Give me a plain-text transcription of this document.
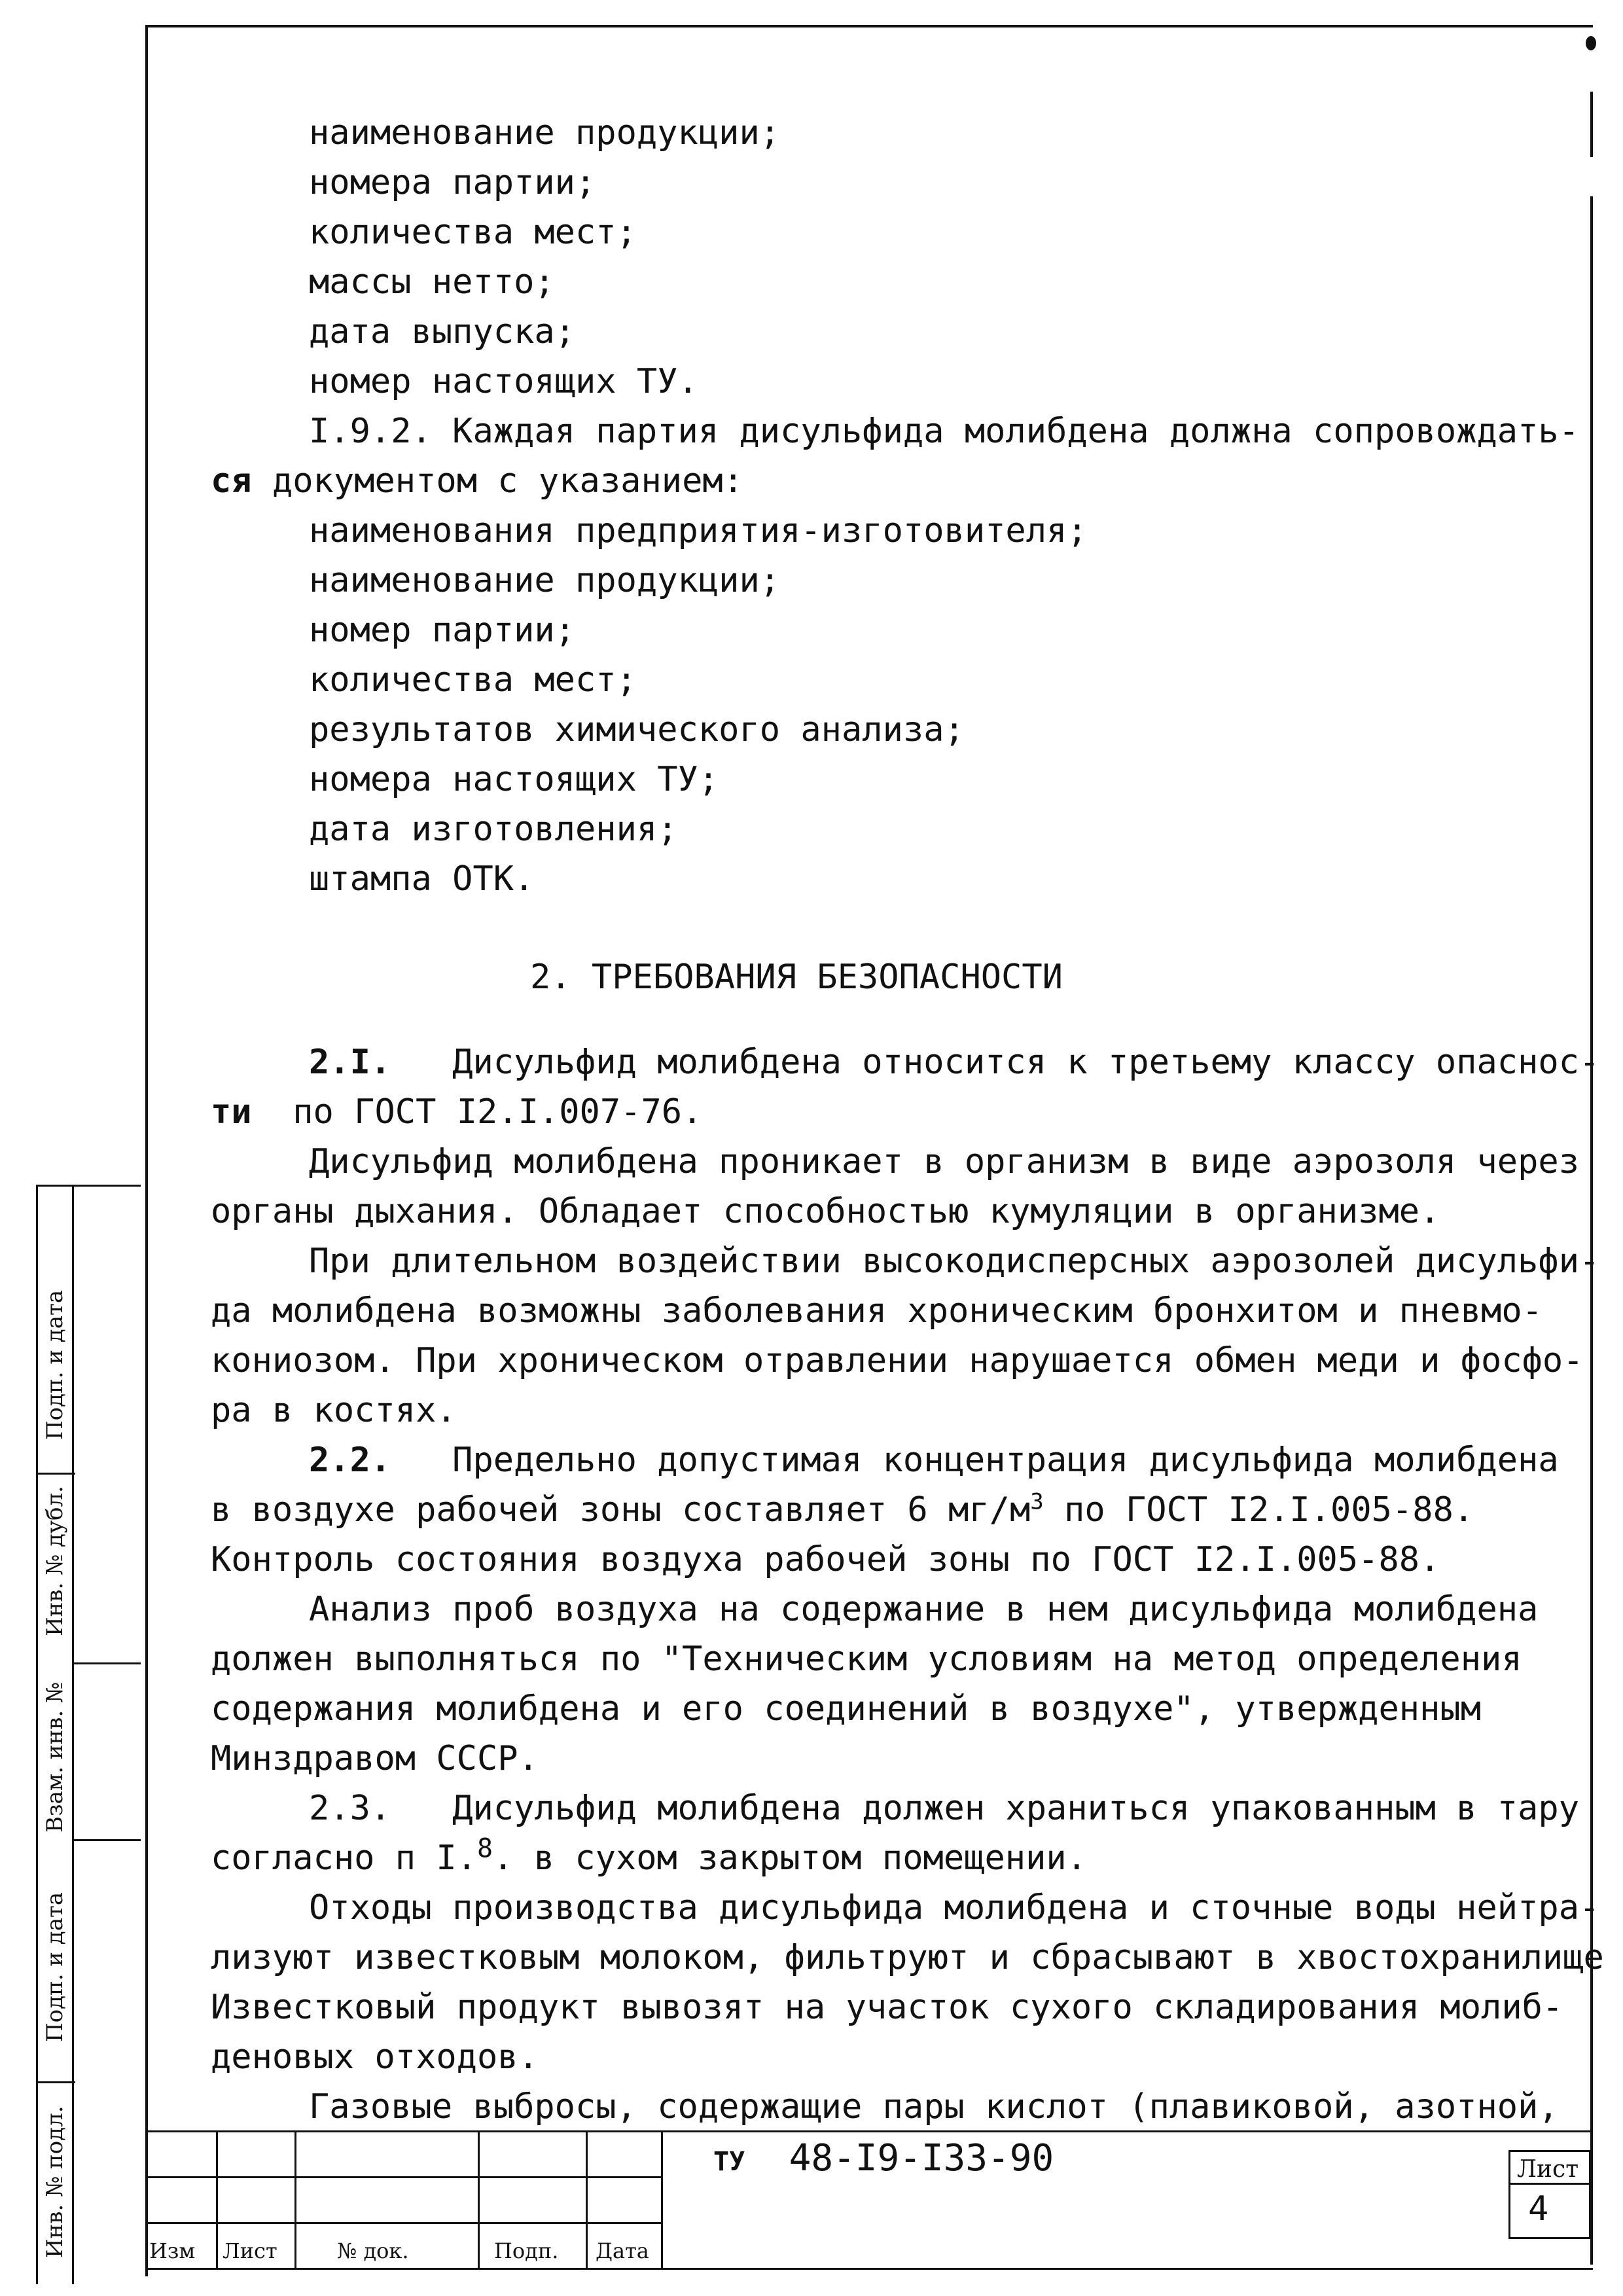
наименование продукции;
номера партии;
количества мест;
массы нетто;
дата выпуска;
номер настоящих ТУ.
I.9.2. Каждая партия дисульфида молибдена должна сопровождать-
ся документом с указанием:
наименования предприятия-изготовителя;
наименование продукции;
номер партии;
количества мест;
результатов химического анализа;
номера настоящих ТУ;
дата изготовления;
штампа ОТК.
2. ТРЕБОВАНИЯ БЕЗОПАСНОСТИ
2.I. Дисульфид молибдена относится к третьему классу опаснос-
ти по ГОСТ I2.I.007-76.
Дисульфид молибдена проникает в организм в виде аэрозоля через
органы дыхания. Обладает способностью кумуляции в организме.
При длительном воздействии высокодисперсных аэрозолей дисульфи-
да молибдена возможны заболевания хроническим бронхитом и пневмо-
кониозом. При хроническом отравлении нарушается обмен меди и фосфо-
ра в костях.
2.2. Предельно допустимая концентрация дисульфида молибдена
в воздухе рабочей зоны составляет 6 $мг/м^3$ по ГОСТ I2.I.005-88.
Контроль состояния воздуха рабочей зоны по ГОСТ I2.I.005-88.
Анализ проб воздуха на содержание в нем дисульфида молибдена
должен выполняться по "Техническим условиям на метод определения
содержания молибдена и его соединений в воздухе", утвержденным
Минздравом СССР.
2.3. Дисульфид молибдена должен храниться упакованным в тару
согласно п I.$^8$. в сухом закрытом помещении.
Отходы производства дисульфида молибдена и сточные воды нейтра-
лизуют известковым молоком, фильтруют и сбрасывают в хвостохранилище
Известковый продукт вывозят на участок сухого складирования молиб-
деновых отходов.
Газовые выбросы, содержащие пары кислот (плавиковой, азотной,
Подп. и дата
Инв. № дубл.
Взам. инв. №
Подп. и дата
Инв. № подл.	Изм Лист	№ док.	Подп. Дата
ТУ 48-I9-I33-90	Лист
4
